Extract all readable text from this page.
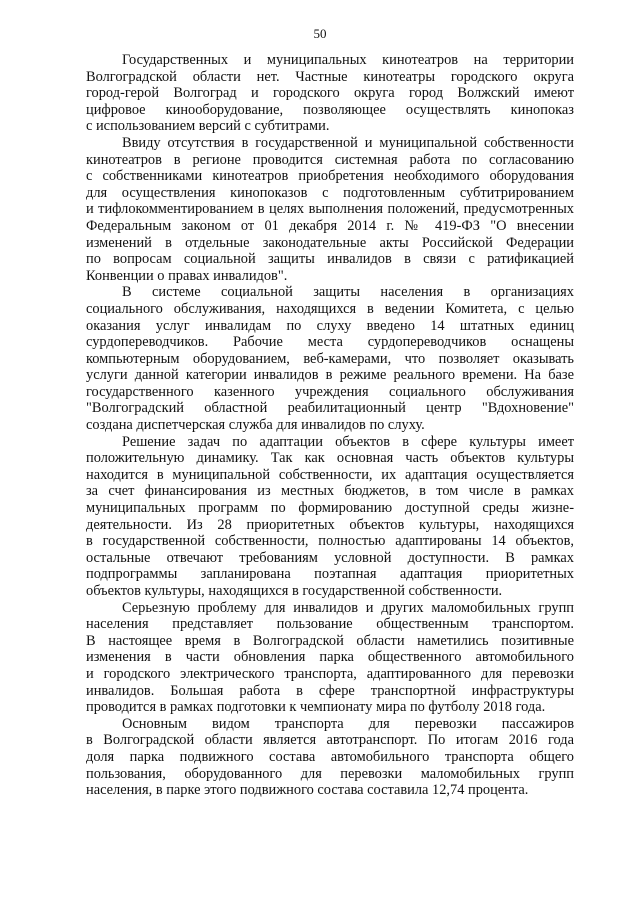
50
Государственных и муниципальных кинотеатров на территории
Волгоградской области нет. Частные кинотеатры городского округа
город-герой Волгоград и городского округа город Волжский имеют
цифровое кинооборудование, позволяющее осуществлять кинопоказ
с использованием версий с субтитрами.
Ввиду отсутствия в государственной и муниципальной собственности
кинотеатров в регионе проводится системная работа по согласованию
с собственниками кинотеатров приобретения необходимого оборудования
для осуществления кинопоказов с подготовленным субтитрированием
и тифлокомментированием в целях выполнения положений, предусмотренных
Федеральным законом от 01 декабря 2014 г. № 419-ФЗ "О внесении
изменений в отдельные законодательные акты Российской Федерации
по вопросам социальной защиты инвалидов в связи с ратификацией
Конвенции о правах инвалидов".
В системе социальной защиты населения в организациях
социального обслуживания, находящихся в ведении Комитета, с целью
оказания услуг инвалидам по слуху введено 14 штатных единиц
сурдопереводчиков. Рабочие места сурдопереводчиков оснащены
компьютерным оборудованием, веб-камерами, что позволяет оказывать
услуги данной категории инвалидов в режиме реального времени. На базе
государственного казенного учреждения социального обслуживания
"Волгоградский областной реабилитационный центр "Вдохновение"
создана диспетчерская служба для инвалидов по слуху.
Решение задач по адаптации объектов в сфере культуры имеет
положительную динамику. Так как основная часть объектов культуры
находится в муниципальной собственности, их адаптация осуществляется
за счет финансирования из местных бюджетов, в том числе в рамках
муниципальных программ по формированию доступной среды жизне-
деятельности. Из 28 приоритетных объектов культуры, находящихся
в государственной собственности, полностью адаптированы 14 объектов,
остальные отвечают требованиям условной доступности. В рамках
подпрограммы запланирована поэтапная адаптация приоритетных
объектов культуры, находящихся в государственной собственности.
Серьезную проблему для инвалидов и других маломобильных групп
населения представляет пользование общественным транспортом.
В настоящее время в Волгоградской области наметились позитивные
изменения в части обновления парка общественного автомобильного
и городского электрического транспорта, адаптированного для перевозки
инвалидов. Большая работа в сфере транспортной инфраструктуры
проводится в рамках подготовки к чемпионату мира по футболу 2018 года.
Основным видом транспорта для перевозки пассажиров
в Волгоградской области является автотранспорт. По итогам 2016 года
доля парка подвижного состава автомобильного транспорта общего
пользования, оборудованного для перевозки маломобильных групп
населения, в парке этого подвижного состава составила 12,74 процента.
